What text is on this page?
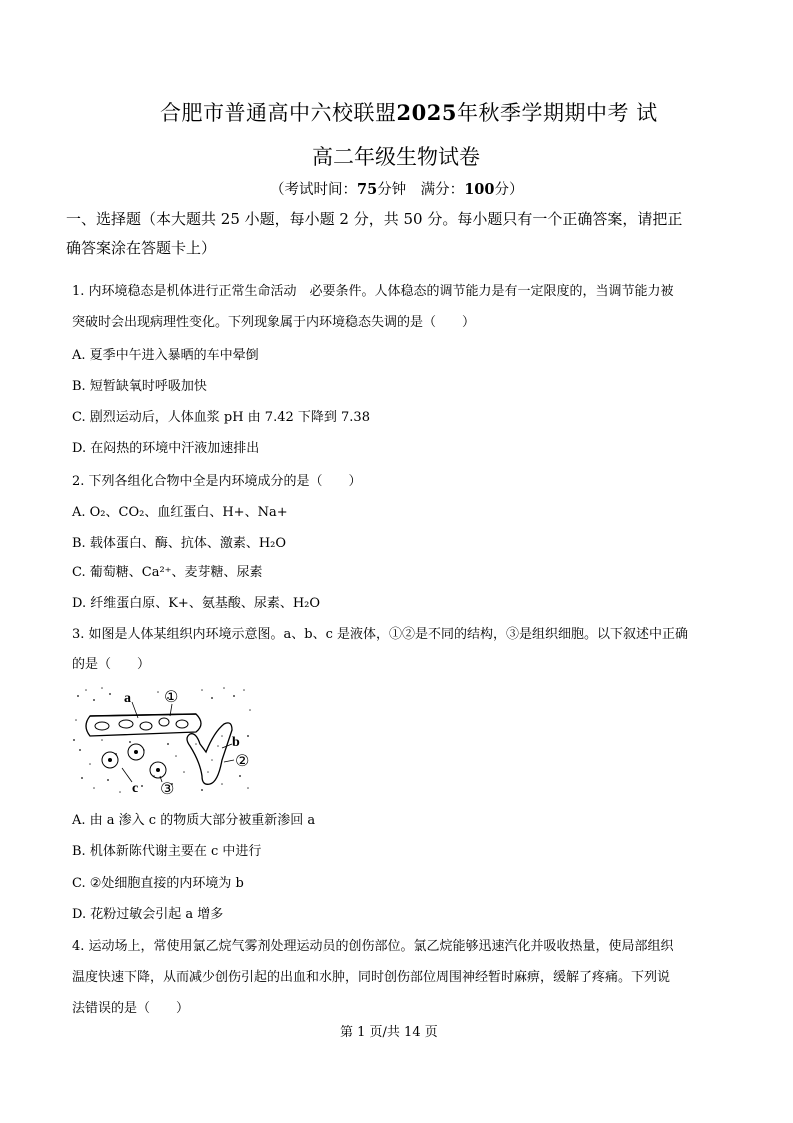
合肥市普通高中六校联盟2025年秋季学期期中考 试
高二年级生物试卷
（考试时间：75分钟　满分：100分）
一、选择题（本大题共 25 小题，每小题 2 分，共 50 分。每小题只有一个正确答案，请把正
确答案涂在答题卡上）
1. 内环境稳态是机体进行正常生命活动　必要条件。人体稳态的调节能力是有一定限度的，当调节能力被
突破时会出现病理性变化。下列现象属于内环境稳态失调的是（　　）
A. 夏季中午进入暴晒的车中晕倒
B. 短暂缺氧时呼吸加快
C. 剧烈运动后，人体血浆 pH 由 7.42 下降到 7.38
D. 在闷热的环境中汗液加速排出
2. 下列各组化合物中全是内环境成分的是（　　）
A. O₂、CO₂、血红蛋白、H+、Na+
B. 载体蛋白、酶、抗体、激素、H₂O
C. 葡萄糖、Ca²⁺、麦芽糖、尿素
D. 纤维蛋白原、K+、氨基酸、尿素、H₂O
3. 如图是人体某组织内环境示意图。a、b、c 是液体，①②是不同的结构，③是组织细胞。以下叙述中正确
的是（　　）
a ①
b
②
c ③
A. 由 a 渗入 c 的物质大部分被重新渗回 a
B. 机体新陈代谢主要在 c 中进行
C. ②处细胞直接的内环境为 b
D. 花粉过敏会引起 a 增多
4. 运动场上，常使用氯乙烷气雾剂处理运动员的创伤部位。氯乙烷能够迅速汽化并吸收热量，使局部组织
温度快速下降，从而减少创伤引起的出血和水肿，同时创伤部位周围神经暂时麻痹，缓解了疼痛。下列说
法错误的是（　　）
第 1 页/共 14 页
